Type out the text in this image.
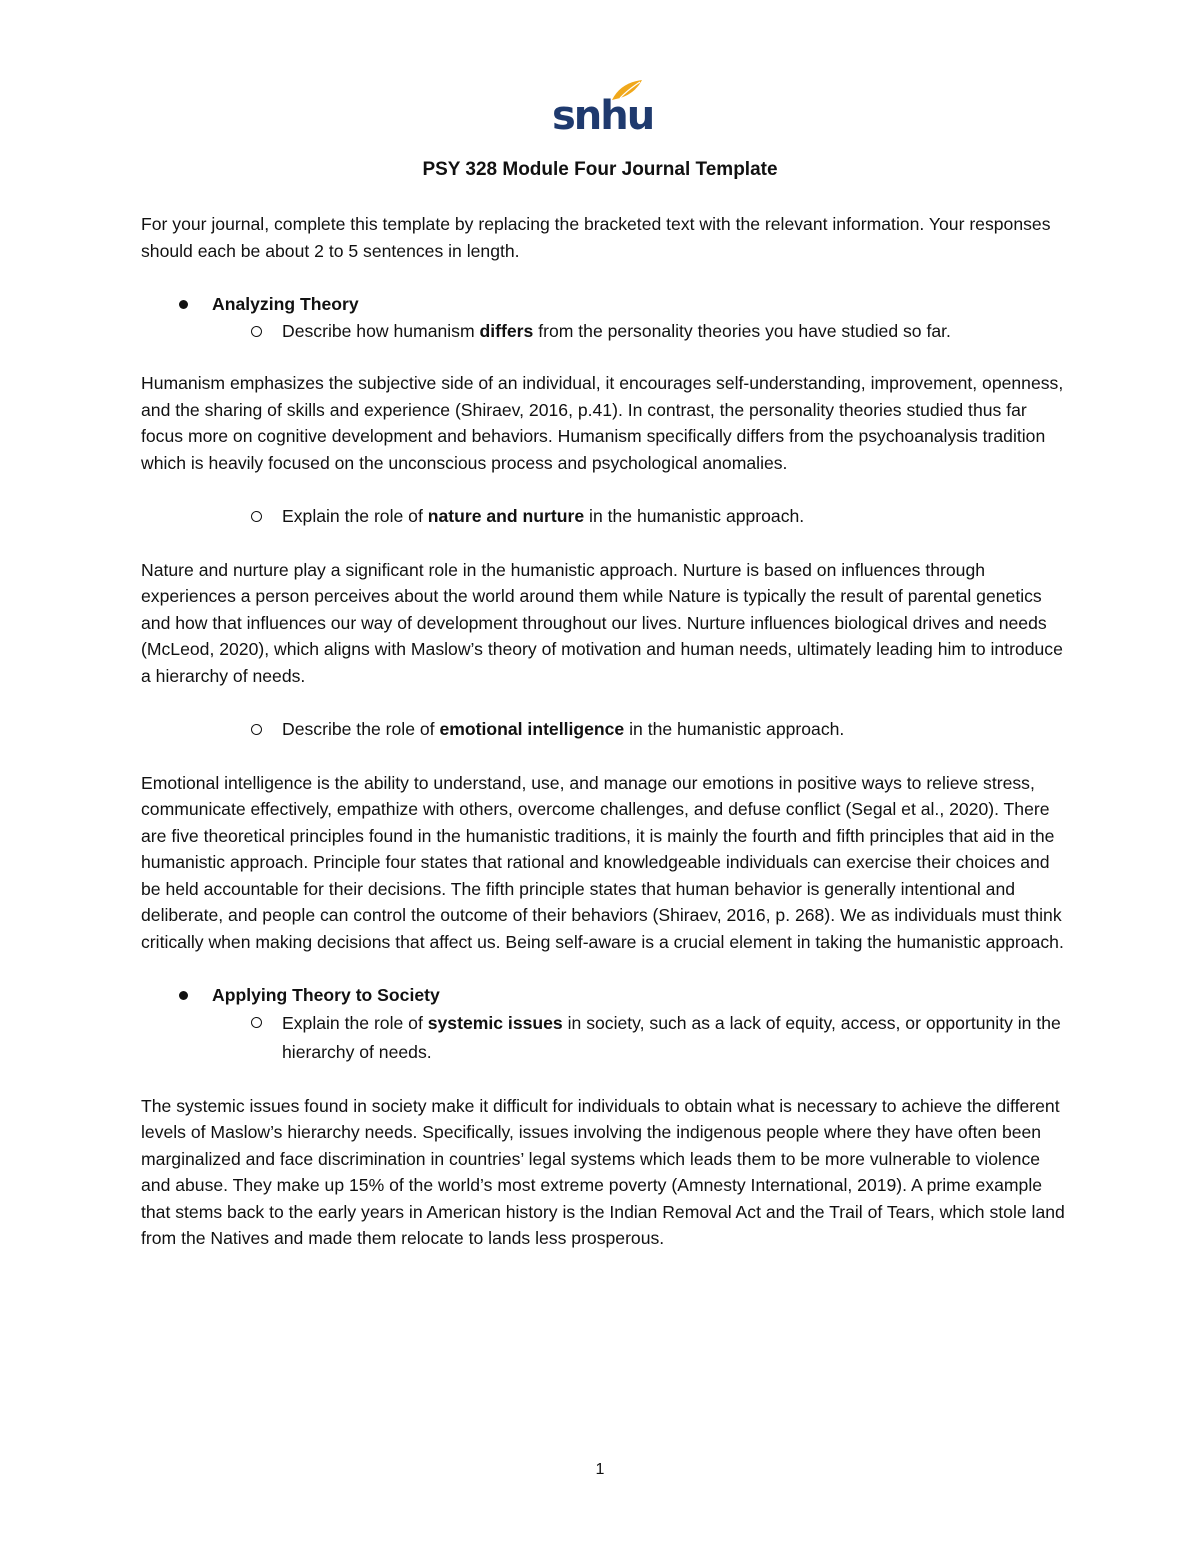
snhu
PSY 328 Module Four Journal Template

For your journal, complete this template by replacing the bracketed text with the relevant information. Your responses should each be about 2 to 5 sentences in length.

Analyzing Theory
Describe how humanism differs from the personality theories you have studied so far.

Humanism emphasizes the subjective side of an individual, it encourages self-understanding, improvement, openness, and the sharing of skills and experience (Shiraev, 2016, p.41). In contrast, the personality theories studied thus far focus more on cognitive development and behaviors. Humanism specifically differs from the psychoanalysis tradition which is heavily focused on the unconscious process and psychological anomalies.

Explain the role of nature and nurture in the humanistic approach.

Nature and nurture play a significant role in the humanistic approach. Nurture is based on influences through experiences a person perceives about the world around them while Nature is typically the result of parental genetics and how that influences our way of development throughout our lives. Nurture influences biological drives and needs (McLeod, 2020), which aligns with Maslow’s theory of motivation and human needs, ultimately leading him to introduce a hierarchy of needs.

Describe the role of emotional intelligence in the humanistic approach.

Emotional intelligence is the ability to understand, use, and manage our emotions in positive ways to relieve stress, communicate effectively, empathize with others, overcome challenges, and defuse conflict (Segal et al., 2020). There are five theoretical principles found in the humanistic traditions, it is mainly the fourth and fifth principles that aid in the humanistic approach. Principle four states that rational and knowledgeable individuals can exercise their choices and be held accountable for their decisions. The fifth principle states that human behavior is generally intentional and deliberate, and people can control the outcome of their behaviors (Shiraev, 2016, p. 268). We as individuals must think critically when making decisions that affect us. Being self-aware is a crucial element in taking the humanistic approach.

Applying Theory to Society
Explain the role of systemic issues in society, such as a lack of equity, access, or opportunity in the hierarchy of needs.

The systemic issues found in society make it difficult for individuals to obtain what is necessary to achieve the different levels of Maslow’s hierarchy needs. Specifically, issues involving the indigenous people where they have often been marginalized and face discrimination in countries’ legal systems which leads them to be more vulnerable to violence and abuse. They make up 15% of the world’s most extreme poverty (Amnesty International, 2019). A prime example that stems back to the early years in American history is the Indian Removal Act and the Trail of Tears, which stole land from the Natives and made them relocate to lands less prosperous.

1
